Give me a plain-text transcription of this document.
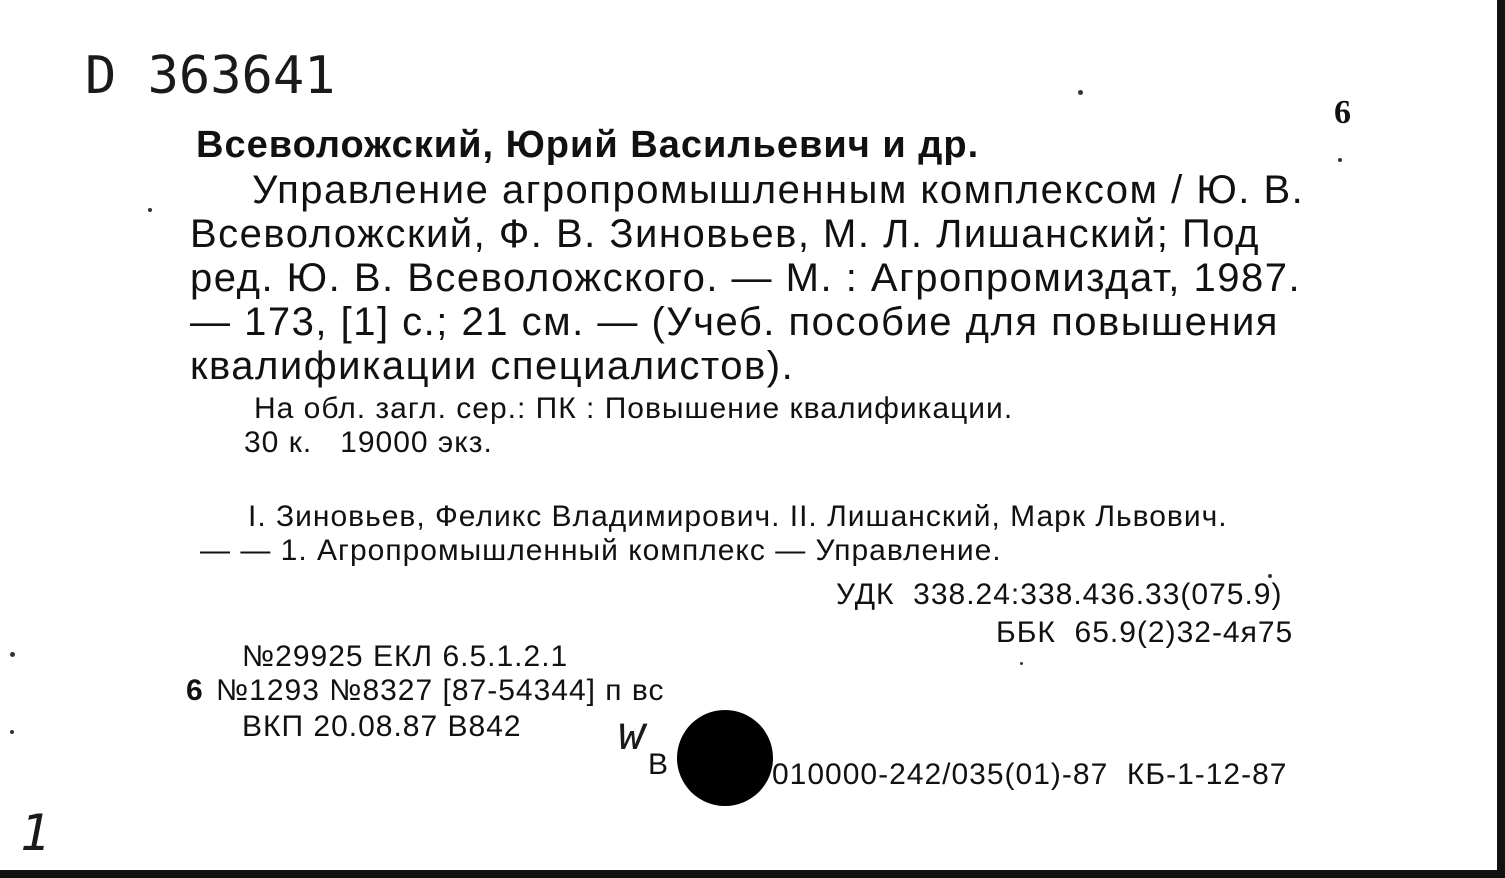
D 363641
6
Всеволожский, Юрий Васильевич и др.
Управление агропромышленным комплексом / Ю. В.
Всеволожский, Ф. В. Зиновьев, М. Л. Лишанский; Под
ред. Ю. В. Всеволожского. — М. : Агропромиздат, 1987.
— 173, [1] с.; 21 см. — (Учеб. пособие для повышения
квалификации специалистов).
На обл. загл. сер.: ПК : Повышение квалификации.
30 к.   19000 экз.
I. Зиновьев, Феликс Владимирович. II. Лишанский, Марк Львович.
— — 1. Агропромышленный комплекс — Управление.
УДК  338.24:338.436.33(075.9)
ББК  65.9(2)32-4я75
№29925 ЕКЛ 6.5.1.2.1
6 №1293 №8327 [87-54344] п вс
ВКП 20.08.87 В842 w
В	010000-242/035(01)-87  КБ-1-12-87
1
